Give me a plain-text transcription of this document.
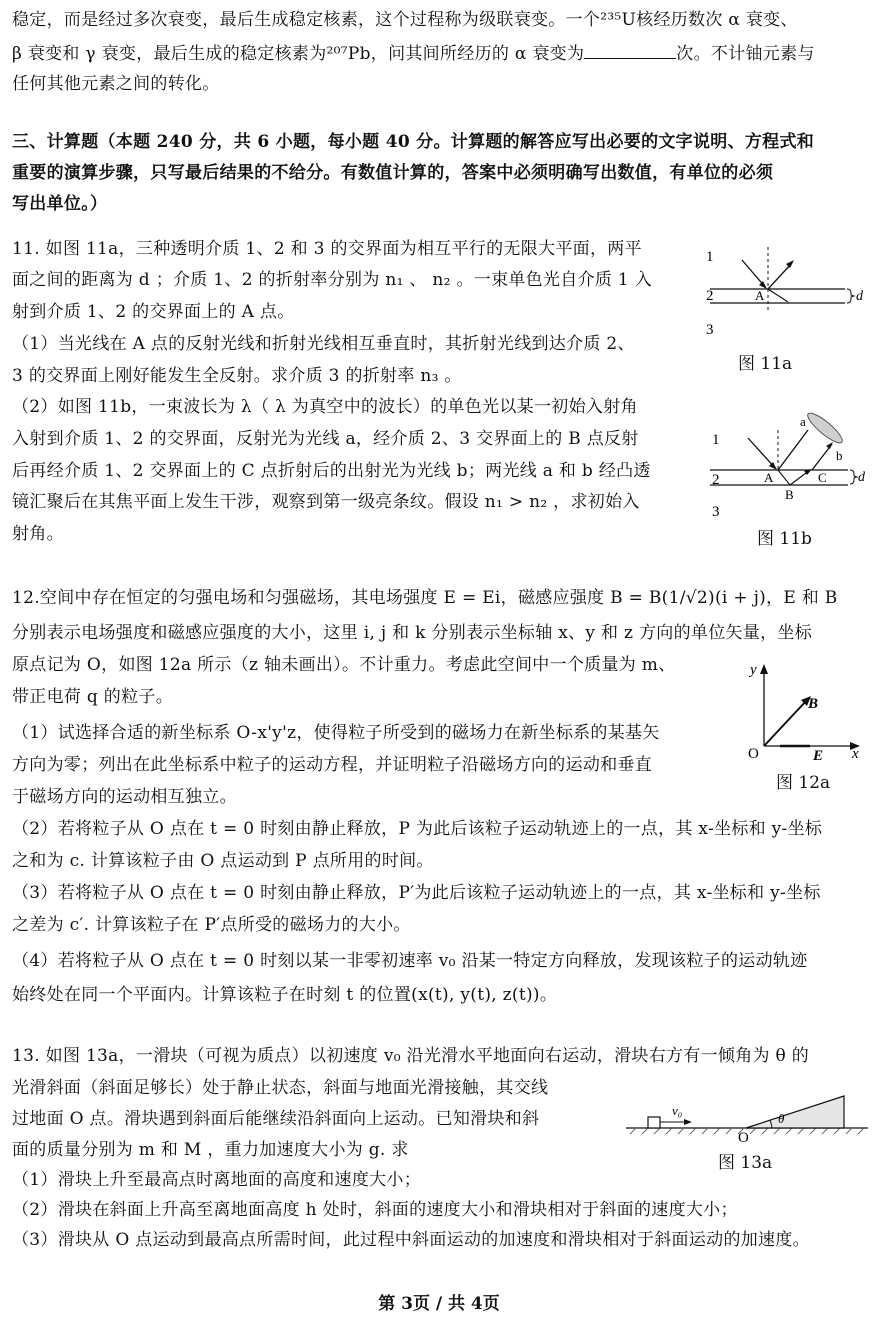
稳定，而是经过多次衰变，最后生成稳定核素，这个过程称为级联衰变。一个²³⁵U核经历数次 α 衰变、
β 衰变和 γ 衰变，最后生成的稳定核素为²⁰⁷Pb，问其间所经历的 α 衰变为	次。不计铀元素与
任何其他元素之间的转化。
三、计算题（本题 240 分，共 6 小题，每小题 40 分。计算题的解答应写出必要的文字说明、方程式和
重要的演算步骤，只写最后结果的不给分。有数值计算的，答案中必须明确写出数值，有单位的必须
写出单位。）
11. 如图 11a，三种透明介质 1、2 和 3 的交界面为相互平行的无限大平面，两平
面之间的距离为 d ；介质 1、2 的折射率分别为 n₁ 、 n₂ 。一束单色光自介质 1 入
射到介质 1、2 的交界面上的 A 点。
（1）当光线在 A 点的反射光线和折射光线相互垂直时，其折射光线到达介质 2、
3 的交界面上刚好能发生全反射。求介质 3 的折射率 n₃ 。
（2）如图 11b，一束波长为 λ（ λ 为真空中的波长）的单色光以某一初始入射角
入射到介质 1、2 的交界面，反射光为光线 a，经介质 2、3 交界面上的 B 点反射
后再经介质 1、2 交界面上的 C 点折射后的出射光为光线 b；两光线 a 和 b 经凸透
镜汇聚后在其焦平面上发生干涉，观察到第一级亮条纹。假设 n₁ > n₂ ，求初始入
射角。
1
2
3
A	d
图 11a
1
2
3
a
b
A
B
C d
图 11b
12.空间中存在恒定的匀强电场和匀强磁场，其电场强度 E = Ei，磁感应强度 B = B(1/√2)(i + j)，E 和 B
分别表示电场强度和磁感应强度的大小，这里 i, j 和 k 分别表示坐标轴 x、y 和 z 方向的单位矢量，坐标
原点记为 O，如图 12a 所示（z 轴未画出）。不计重力。考虑此空间中一个质量为 m、
带正电荷 q 的粒子。
（1）试选择合适的新坐标系 O-x'y'z，使得粒子所受到的磁场力在新坐标系的某基矢
方向为零；列出在此坐标系中粒子的运动方程，并证明粒子沿磁场方向的运动和垂直
于磁场方向的运动相互独立。
（2）若将粒子从 O 点在 t = 0 时刻由静止释放，P 为此后该粒子运动轨迹上的一点，其 x-坐标和 y-坐标
之和为 c. 计算该粒子由 O 点运动到 P 点所用的时间。
（3）若将粒子从 O 点在 t = 0 时刻由静止释放，P′为此后该粒子运动轨迹上的一点，其 x-坐标和 y-坐标
之差为 c′. 计算该粒子在 P′点所受的磁场力的大小。
（4）若将粒子从 O 点在 t = 0 时刻以某一非零初速率 v₀ 沿某一特定方向释放，发现该粒子的运动轨迹
始终处在同一个平面内。计算该粒子在时刻 t 的位置(x(t), y(t), z(t))。
y
x
O
B
E
图 12a
13. 如图 13a，一滑块（可视为质点）以初速度 v₀ 沿光滑水平地面向右运动，滑块右方有一倾角为 θ 的
光滑斜面（斜面足够长）处于静止状态，斜面与地面光滑接触，其交线
过地面 O 点。滑块遇到斜面后能继续沿斜面向上运动。已知滑块和斜
面的质量分别为 m 和 M ，重力加速度大小为 g. 求
（1）滑块上升至最高点时离地面的高度和速度大小；
（2）滑块在斜面上升高至离地面高度 h 处时，斜面的速度大小和滑块相对于斜面的速度大小；
（3）滑块从 O 点运动到最高点所需时间，此过程中斜面运动的加速度和滑块相对于斜面运动的加速度。
v₀
θ
O
图 13a
第 3页 / 共 4页
